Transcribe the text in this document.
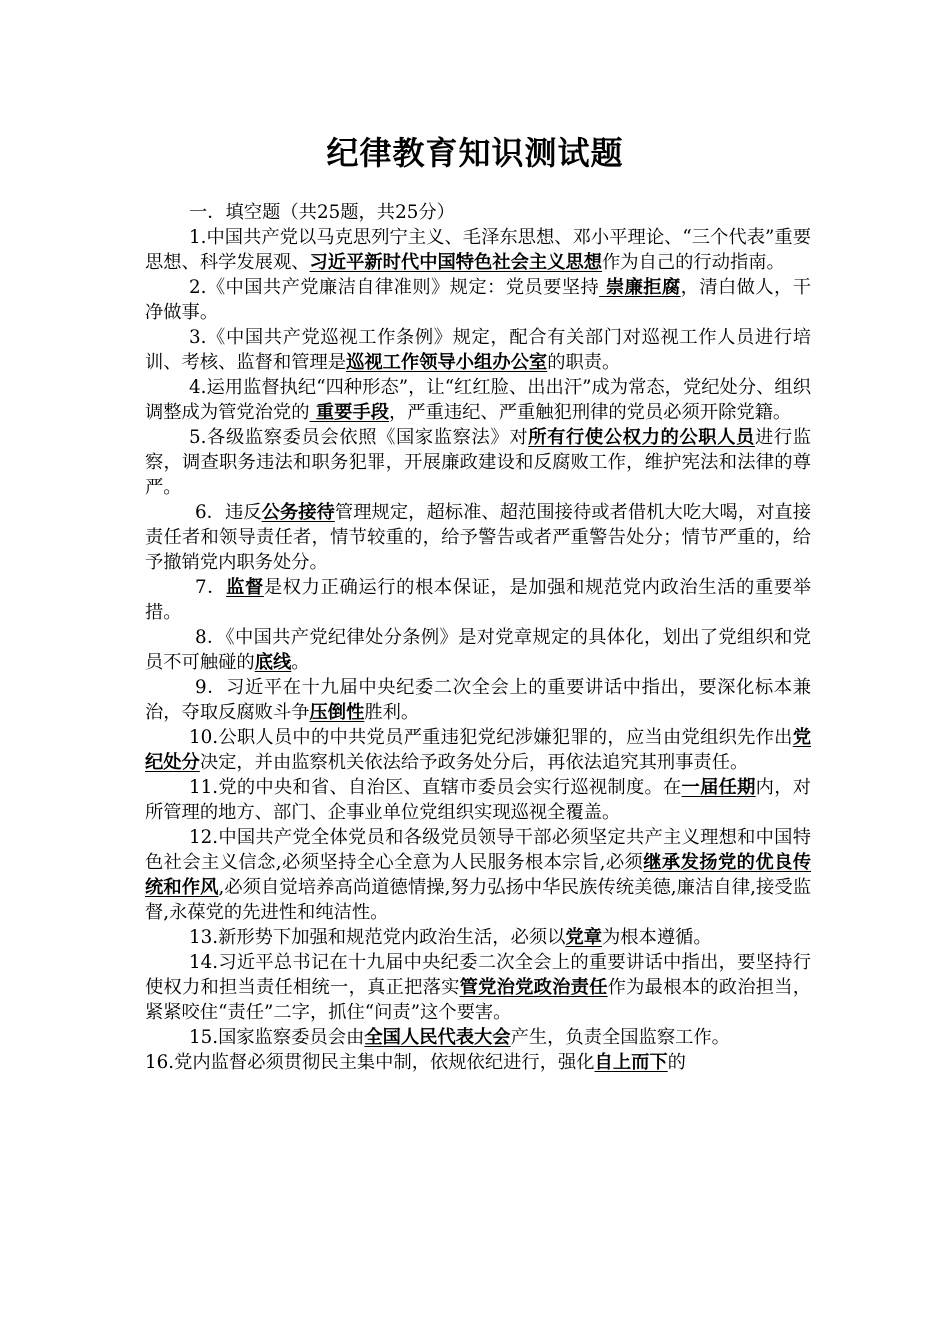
纪律教育知识测试题

一．填空题（共25题，共25分）

1.中国共产党以马克思列宁主义、毛泽东思想、邓小平理论、“三个代表”重要思想、科学发展观、习近平新时代中国特色社会主义思想作为自己的行动指南。

2.《中国共产党廉洁自律准则》规定：党员要坚持 崇廉拒腐，清白做人，干净做事。

3.《中国共产党巡视工作条例》规定，配合有关部门对巡视工作人员进行培训、考核、监督和管理是巡视工作领导小组办公室的职责。

4.运用监督执纪“四种形态”，让“红红脸、出出汗”成为常态，党纪处分、组织调整成为管党治党的 重要手段，严重违纪、严重触犯刑律的党员必须开除党籍。

5.各级监察委员会依照《国家监察法》对所有行使公权力的公职人员进行监察，调查职务违法和职务犯罪，开展廉政建设和反腐败工作，维护宪法和法律的尊严。

6．违反公务接待管理规定，超标准、超范围接待或者借机大吃大喝，对直接责任者和领导责任者，情节较重的，给予警告或者严重警告处分；情节严重的，给予撤销党内职务处分。

7．监督是权力正确运行的根本保证，是加强和规范党内政治生活的重要举措。

8．《中国共产党纪律处分条例》是对党章规定的具体化，划出了党组织和党员不可触碰的底线。

9．习近平在十九届中央纪委二次全会上的重要讲话中指出，要深化标本兼治，夺取反腐败斗争压倒性胜利。

10.公职人员中的中共党员严重违犯党纪涉嫌犯罪的，应当由党组织先作出党纪处分决定，并由监察机关依法给予政务处分后，再依法追究其刑事责任。

11.党的中央和省、自治区、直辖市委员会实行巡视制度。在一届任期内，对所管理的地方、部门、企事业单位党组织实现巡视全覆盖。

12.中国共产党全体党员和各级党员领导干部必须坚定共产主义理想和中国特色社会主义信念,必须坚持全心全意为人民服务根本宗旨,必须继承发扬党的优良传统和作风,必须自觉培养高尚道德情操,努力弘扬中华民族传统美德,廉洁自律,接受监督,永葆党的先进性和纯洁性。

13.新形势下加强和规范党内政治生活，必须以党章为根本遵循。

14.习近平总书记在十九届中央纪委二次全会上的重要讲话中指出，要坚持行使权力和担当责任相统一，真正把落实管党治党政治责任作为最根本的政治担当，紧紧咬住“责任”二字，抓住“问责”这个要害。

15.国家监察委员会由全国人民代表大会产生，负责全国监察工作。

16.党内监督必须贯彻民主集中制，依规依纪进行，强化自上而下的
